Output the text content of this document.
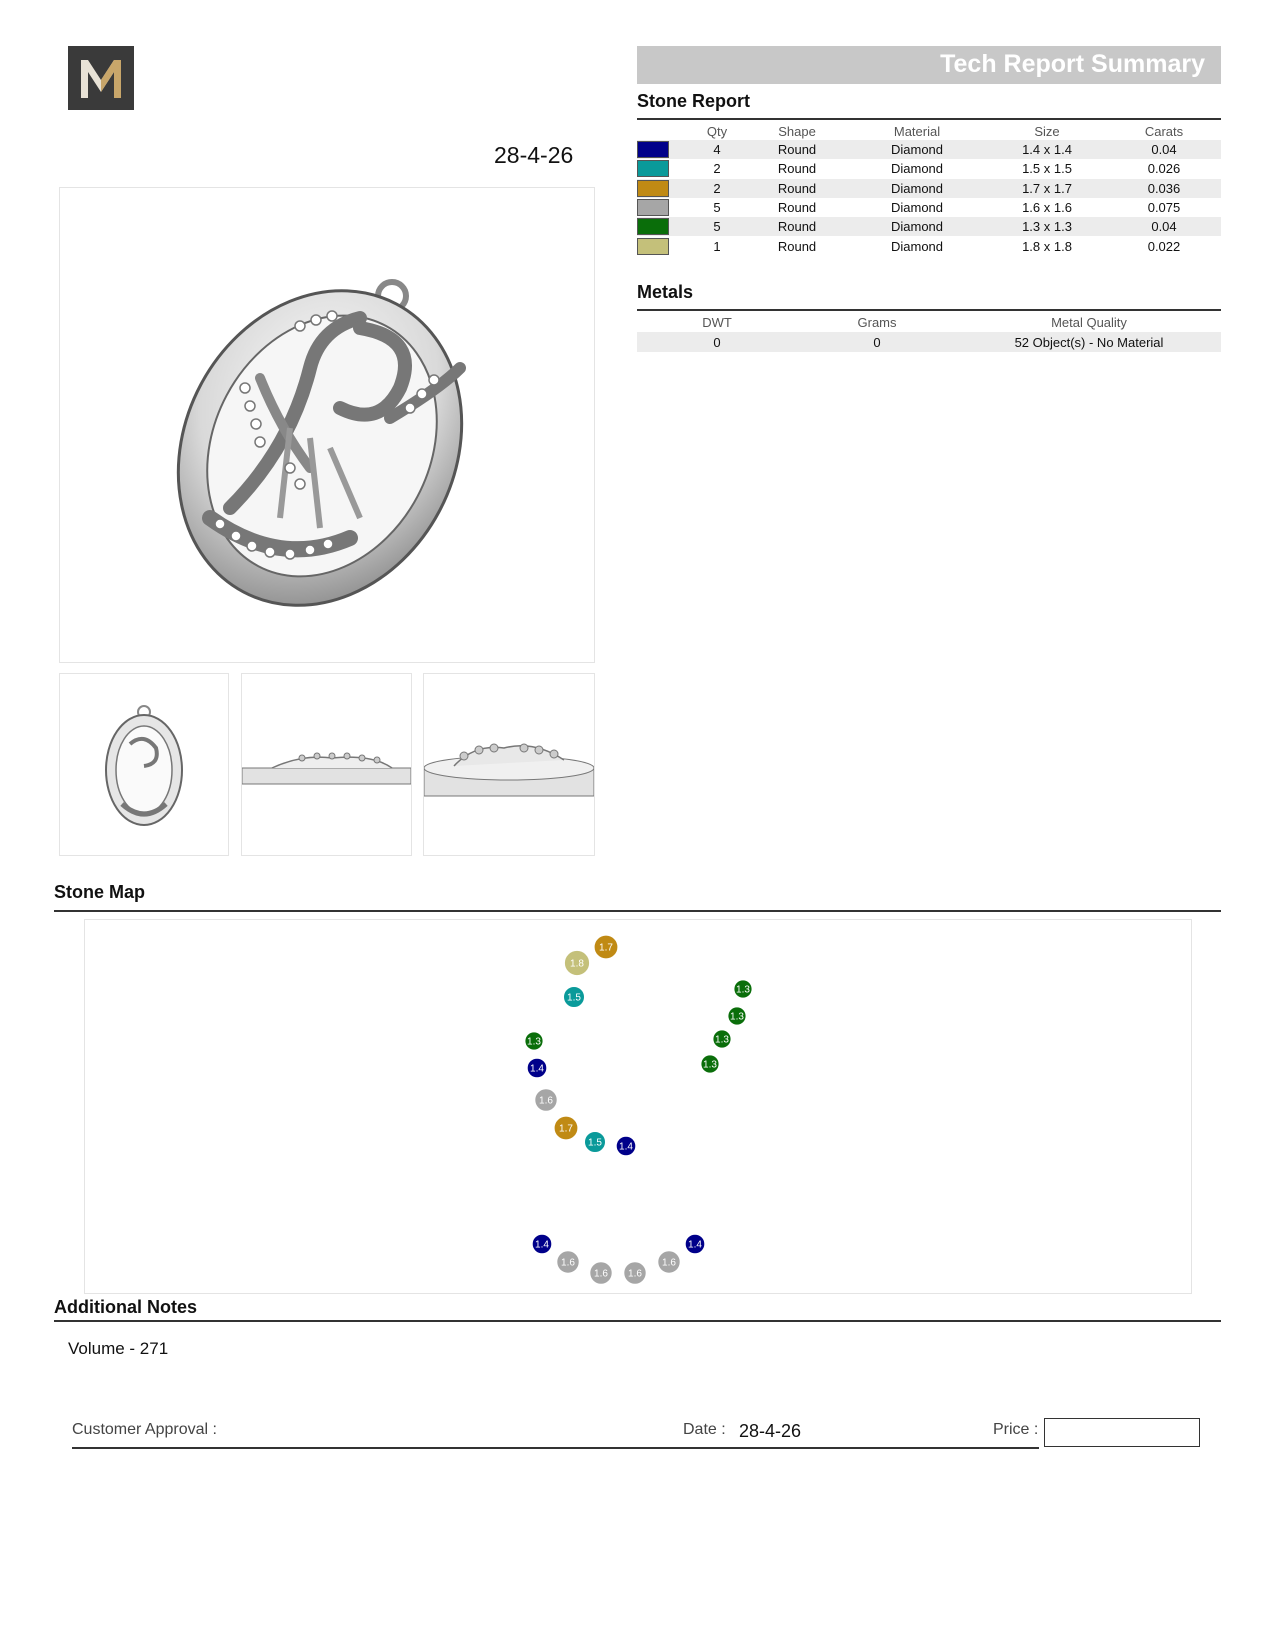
Tech Report Summary
28-4-26
Stone Report
	Qty	Shape	Material	Size	Carats

	4	Round	Diamond	1.4 x 1.4	0.04

	2	Round	Diamond	1.5 x 1.5	0.026

	2	Round	Diamond	1.7 x 1.7	0.036

	5	Round	Diamond	1.6 x 1.6	0.075

	5	Round	Diamond	1.3 x 1.3	0.04

	1	Round	Diamond	1.8 x 1.8	0.022
Metals
DWT	Grams	Metal Quality
0	0	52 Object(s) - No Material
Stone Map
1.7
1.8
1.5
1.3
1.4
1.6
1.7
1.5 1.4
1.3
1.3
1.3
1.3
1.4
1.6
1.6 1.6
1.6
1.4
Additional Notes
Volume - 271
Customer Approval :	Date : 28-4-26	Price :
